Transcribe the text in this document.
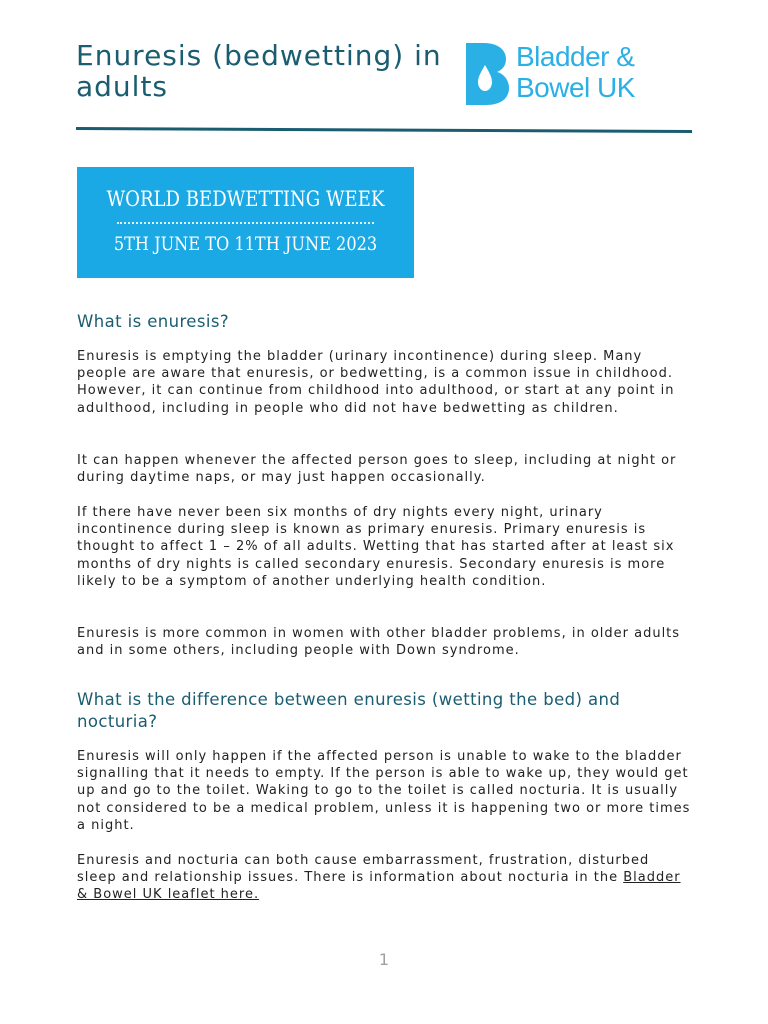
Enuresis (bedwetting) in adults
Bladder &
Bowel UK
WORLD BEDWETTING WEEK
5TH JUNE TO 11TH JUNE 2023
What is enuresis?

Enuresis is emptying the bladder (urinary incontinence) during sleep. Many people are aware that enuresis, or bedwetting, is a common issue in childhood. However, it can continue from childhood into adulthood, or start at any point in adulthood, including in people who did not have bedwetting as children.

It can happen whenever the affected person goes to sleep, including at night or during daytime naps, or may just happen occasionally.

If there have never been six months of dry nights every night, urinary incontinence during sleep is known as primary enuresis. Primary enuresis is thought to affect 1 – 2% of all adults. Wetting that has started after at least six months of dry nights is called secondary enuresis. Secondary enuresis is more likely to be a symptom of another underlying health condition.

Enuresis is more common in women with other bladder problems, in older adults and in some others, including people with Down syndrome.

What is the difference between enuresis (wetting the bed) and nocturia?

Enuresis will only happen if the affected person is unable to wake to the bladder signalling that it needs to empty. If the person is able to wake up, they would get up and go to the toilet. Waking to go to the toilet is called nocturia. It is usually not considered to be a medical problem, unless it is happening two or more times a night.

Enuresis and nocturia can both cause embarrassment, frustration, disturbed sleep and relationship issues. There is information about nocturia in the Bladder & Bowel UK leaflet here.

1
